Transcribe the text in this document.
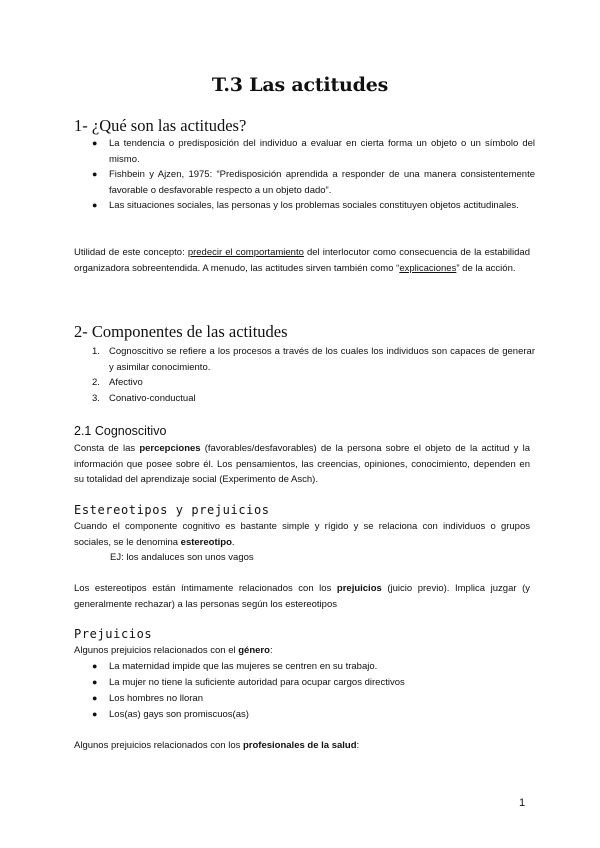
T.3 Las actitudes
1- ¿Qué son las actitudes?
● La tendencia o predisposición del individuo a evaluar en cierta forma un objeto o un símbolo del mismo.
● Fishbein y Ajzen, 1975: “Predisposición aprendida a responder de una manera consistentemente favorable o desfavorable respecto a un objeto dado”.
● Las situaciones sociales, las personas y los problemas sociales constituyen objetos actitudinales.
Utilidad de este concepto: predecir el comportamiento del interlocutor como consecuencia de la estabilidad organizadora sobreentendida. A menudo, las actitudes sirven también como “explicaciones” de la acción.
2- Componentes de las actitudes
1. Cognoscitivo se refiere a los procesos a través de los cuales los individuos son capaces de generar y asimilar conocimiento.
2. Afectivo
3. Conativo-conductual
2.1 Cognoscitivo
Consta de las percepciones (favorables/desfavorables) de la persona sobre el objeto de la actitud y la información que posee sobre él. Los pensamientos, las creencias, opiniones, conocimiento, dependen en su totalidad del aprendizaje social (Experimento de Asch).
Estereotipos y prejuicios
Cuando el componente cognitivo es bastante simple y rígido y se relaciona con individuos o grupos sociales, se le denomina estereotipo.
EJ: los andaluces son unos vagos
Los estereotipos están íntimamente relacionados con los prejuicios (juicio previo). Implica juzgar (y generalmente rechazar) a las personas según los estereotipos
Prejuicios
Algunos prejuicios relacionados con el género:
● La maternidad impide que las mujeres se centren en su trabajo.
● La mujer no tiene la suficiente autoridad para ocupar cargos directivos
● Los hombres no lloran
● Los(as) gays son promiscuos(as)
Algunos prejuicios relacionados con los profesionales de la salud:
1
